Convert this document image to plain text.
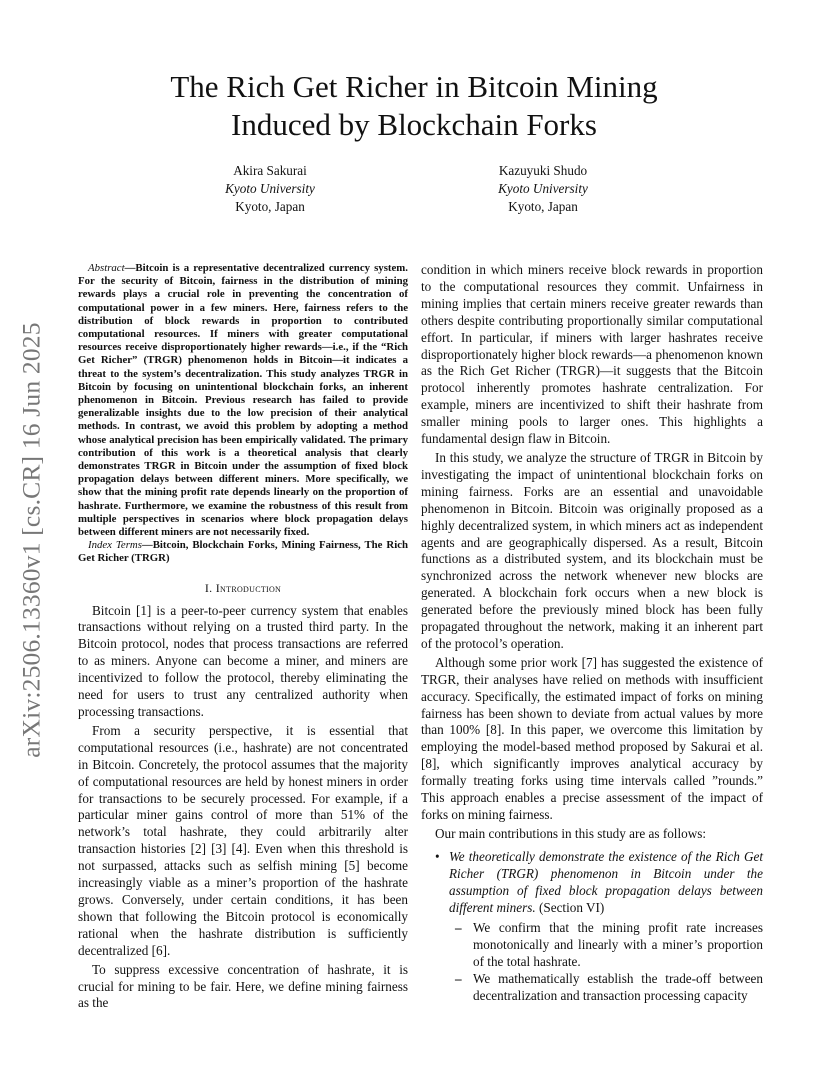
arXiv:2506.13360v1 [cs.CR] 16 Jun 2025
The Rich Get Richer in Bitcoin Mining
Induced by Blockchain Forks
Akira Sakurai
Kyoto University
Kyoto, Japan
Kazuyuki Shudo
Kyoto University
Kyoto, Japan

Abstract—Bitcoin is a representative decentralized currency system. For the security of Bitcoin, fairness in the distribution of mining rewards plays a crucial role in preventing the concentration of computational power in a few miners. Here, fairness refers to the distribution of block rewards in proportion to contributed computational resources. If miners with greater computational resources receive disproportionately higher rewards—i.e., if the “Rich Get Richer” (TRGR) phenomenon holds in Bitcoin—it indicates a threat to the system’s decentralization. This study analyzes TRGR in Bitcoin by focusing on unintentional blockchain forks, an inherent phenomenon in Bitcoin. Previous research has failed to provide generalizable insights due to the low precision of their analytical methods. In contrast, we avoid this problem by adopting a method whose analytical precision has been empirically validated. The primary contribution of this work is a theoretical analysis that clearly demonstrates TRGR in Bitcoin under the assumption of fixed block propagation delays between different miners. More specifically, we show that the mining profit rate depends linearly on the proportion of hashrate. Furthermore, we examine the robustness of this result from multiple perspectives in scenarios where block propagation delays between different miners are not necessarily fixed.

Index Terms—Bitcoin, Blockchain Forks, Mining Fairness, The Rich Get Richer (TRGR)

I. Introduction

Bitcoin [1] is a peer-to-peer currency system that enables transactions without relying on a trusted third party. In the Bitcoin protocol, nodes that process transactions are referred to as miners. Anyone can become a miner, and miners are incentivized to follow the protocol, thereby eliminating the need for users to trust any centralized authority when processing transactions.

From a security perspective, it is essential that computational resources (i.e., hashrate) are not concentrated in Bitcoin. Concretely, the protocol assumes that the majority of computational resources are held by honest miners in order for transactions to be securely processed. For example, if a particular miner gains control of more than 51% of the network’s total hashrate, they could arbitrarily alter transaction histories [2] [3] [4]. Even when this threshold is not surpassed, attacks such as selfish mining [5] become increasingly viable as a miner’s proportion of the hashrate grows. Conversely, under certain conditions, it has been shown that following the Bitcoin protocol is economically rational when the hashrate distribution is sufficiently decentralized [6].

To suppress excessive concentration of hashrate, it is crucial for mining to be fair. Here, we define mining fairness as the

condition in which miners receive block rewards in proportion to the computational resources they commit. Unfairness in mining implies that certain miners receive greater rewards than others despite contributing proportionally similar computational effort. In particular, if miners with larger hashrates receive disproportionately higher block rewards—a phenomenon known as the Rich Get Richer (TRGR)—it suggests that the Bitcoin protocol inherently promotes hashrate centralization. For example, miners are incentivized to shift their hashrate from smaller mining pools to larger ones. This highlights a fundamental design flaw in Bitcoin.

In this study, we analyze the structure of TRGR in Bitcoin by investigating the impact of unintentional blockchain forks on mining fairness. Forks are an essential and unavoidable phenomenon in Bitcoin. Bitcoin was originally proposed as a highly decentralized system, in which miners act as independent agents and are geographically dispersed. As a result, Bitcoin functions as a distributed system, and its blockchain must be synchronized across the network whenever new blocks are generated. A blockchain fork occurs when a new block is generated before the previously mined block has been fully propagated throughout the network, making it an inherent part of the protocol’s operation.

Although some prior work [7] has suggested the existence of TRGR, their analyses have relied on methods with insufficient accuracy. Specifically, the estimated impact of forks on mining fairness has been shown to deviate from actual values by more than 100% [8]. In this paper, we overcome this limitation by employing the model-based method proposed by Sakurai et al. [8], which significantly improves analytical accuracy by formally treating forks using time intervals called ”rounds.” This approach enables a precise assessment of the impact of forks on mining fairness.

Our main contributions in this study are as follows:

• We theoretically demonstrate the existence of the Rich Get Richer (TRGR) phenomenon in Bitcoin under the assumption of fixed block propagation delays between different miners. (Section VI)
– We confirm that the mining profit rate increases monotonically and linearly with a miner’s proportion of the total hashrate.
– We mathematically establish the trade-off between decentralization and transaction processing capacity
